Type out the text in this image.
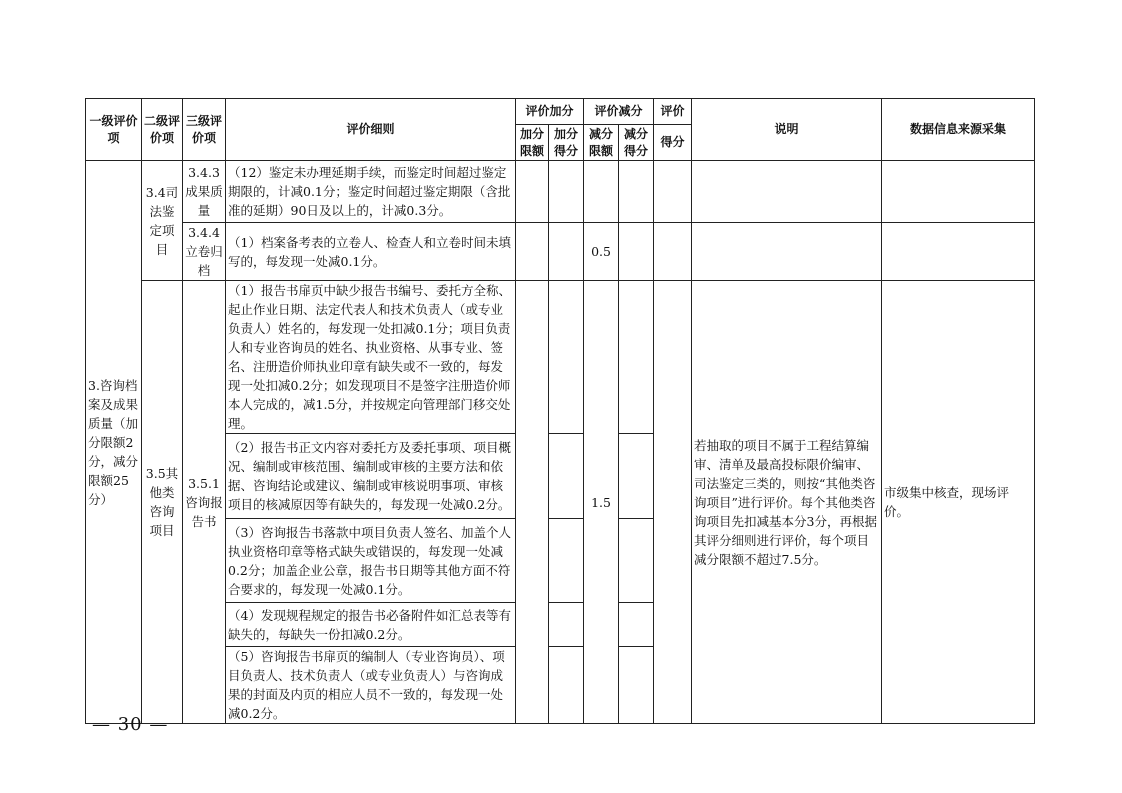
一级评价项	二级评价项	三级评价项	评价细则	评价加分		评价减分		评价	说明	数据信息来源采集
				加分限额	加分得分	减分限额	减分得分	得分		
3.咨询档案及成果质量（加分限额2分，减分限额25分）	3.4司法鉴定项目	3.4.3成果质量	（12）鉴定未办理延期手续，而鉴定时间超过鉴定期限的，计减0.1分；鉴定时间超过鉴定期限（含批准的延期）90日及以上的，计减0.3分。							
		3.4.4立卷归档	（1）档案备考表的立卷人、检查人和立卷时间未填写的，每发现一处减0.1分。			0.5				
	3.5其他类咨询项目	3.5.1咨询报告书	（1）报告书扉页中缺少报告书编号、委托方全称、起止作业日期、法定代表人和技术负责人（或专业负责人）姓名的，每发现一处扣减0.1分；项目负责人和专业咨询员的姓名、执业资格、从事专业、签名、注册造价师执业印章有缺失或不一致的，每发现一处扣减0.2分；如发现项目不是签字注册造价师本人完成的，减1.5分，并按规定向管理部门移交处理。			1.5			若抽取的项目不属于工程结算编审、清单及最高投标限价编审、司法鉴定三类的，则按“其他类咨询项目”进行评价。每个其他类咨询项目先扣减基本分3分，再根据其评分细则进行评价，每个项目减分限额不超过7.5分。	市级集中核查，现场评价。
			（2）报告书正文内容对委托方及委托事项、项目概况、编制或审核范围、编制或审核的主要方法和依据、咨询结论或建议、编制或审核说明事项、审核项目的核减原因等有缺失的，每发现一处减0.2分。							
			（3）咨询报告书落款中项目负责人签名、加盖个人执业资格印章等格式缺失或错误的，每发现一处减0.2分；加盖企业公章，报告书日期等其他方面不符合要求的，每发现一处减0.1分。							
			（4）发现规程规定的报告书必备附件如汇总表等有缺失的，每缺失一份扣减0.2分。							
			（5）咨询报告书扉页的编制人（专业咨询员）、项目负责人、技术负责人（或专业负责人）与咨询成果的封面及内页的相应人员不一致的，每发现一处减0.2分。							
— 30 —
